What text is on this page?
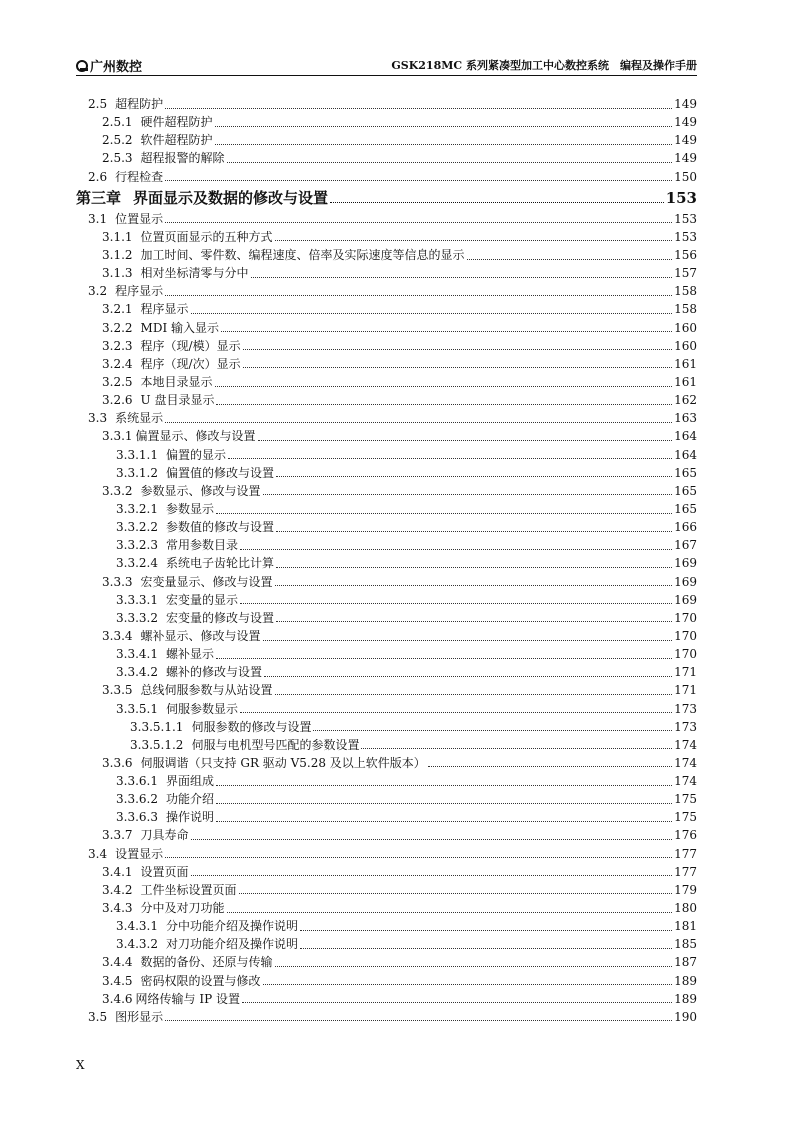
广州数控	GSK218MC 系列紧凑型加工中心数控系统　编程及操作手册
2.5 超程防护	149
2.5.1 硬件超程防护	149
2.5.2 软件超程防护	149
2.5.3 超程报警的解除	149
2.6 行程检查	150
第三章 界面显示及数据的修改与设置	153
3.1 位置显示	153
3.1.1 位置页面显示的五种方式	153
3.1.2 加工时间、零件数、编程速度、倍率及实际速度等信息的显示	156
3.1.3 相对坐标清零与分中	157
3.2 程序显示	158
3.2.1 程序显示	158
3.2.2 MDI 输入显示	160
3.2.3 程序（现/模）显示	160
3.2.4 程序（现/次）显示	161
3.2.5 本地目录显示	161
3.2.6 U 盘目录显示	162
3.3 系统显示	163
3.3.1 偏置显示、修改与设置	164
3.3.1.1 偏置的显示	164
3.3.1.2 偏置值的修改与设置	165
3.3.2 参数显示、修改与设置	165
3.3.2.1 参数显示	165
3.3.2.2 参数值的修改与设置	166
3.3.2.3 常用参数目录	167
3.3.2.4 系统电子齿轮比计算	169
3.3.3 宏变量显示、修改与设置	169
3.3.3.1 宏变量的显示	169
3.3.3.2 宏变量的修改与设置	170
3.3.4 螺补显示、修改与设置	170
3.3.4.1 螺补显示	170
3.3.4.2 螺补的修改与设置	171
3.3.5 总线伺服参数与从站设置	171
3.3.5.1 伺服参数显示	173
3.3.5.1.1 伺服参数的修改与设置	173
3.3.5.1.2 伺服与电机型号匹配的参数设置	174
3.3.6 伺服调谐（只支持 GR 驱动 V5.28 及以上软件版本）	174
3.3.6.1 界面组成	174
3.3.6.2 功能介绍	175
3.3.6.3 操作说明	175
3.3.7 刀具寿命	176
3.4 设置显示	177
3.4.1 设置页面	177
3.4.2 工件坐标设置页面	179
3.4.3 分中及对刀功能	180
3.4.3.1 分中功能介绍及操作说明	181
3.4.3.2 对刀功能介绍及操作说明	185
3.4.4 数据的备份、还原与传输	187
3.4.5 密码权限的设置与修改	189
3.4.6 网络传输与 IP 设置	189
3.5 图形显示	190
X
